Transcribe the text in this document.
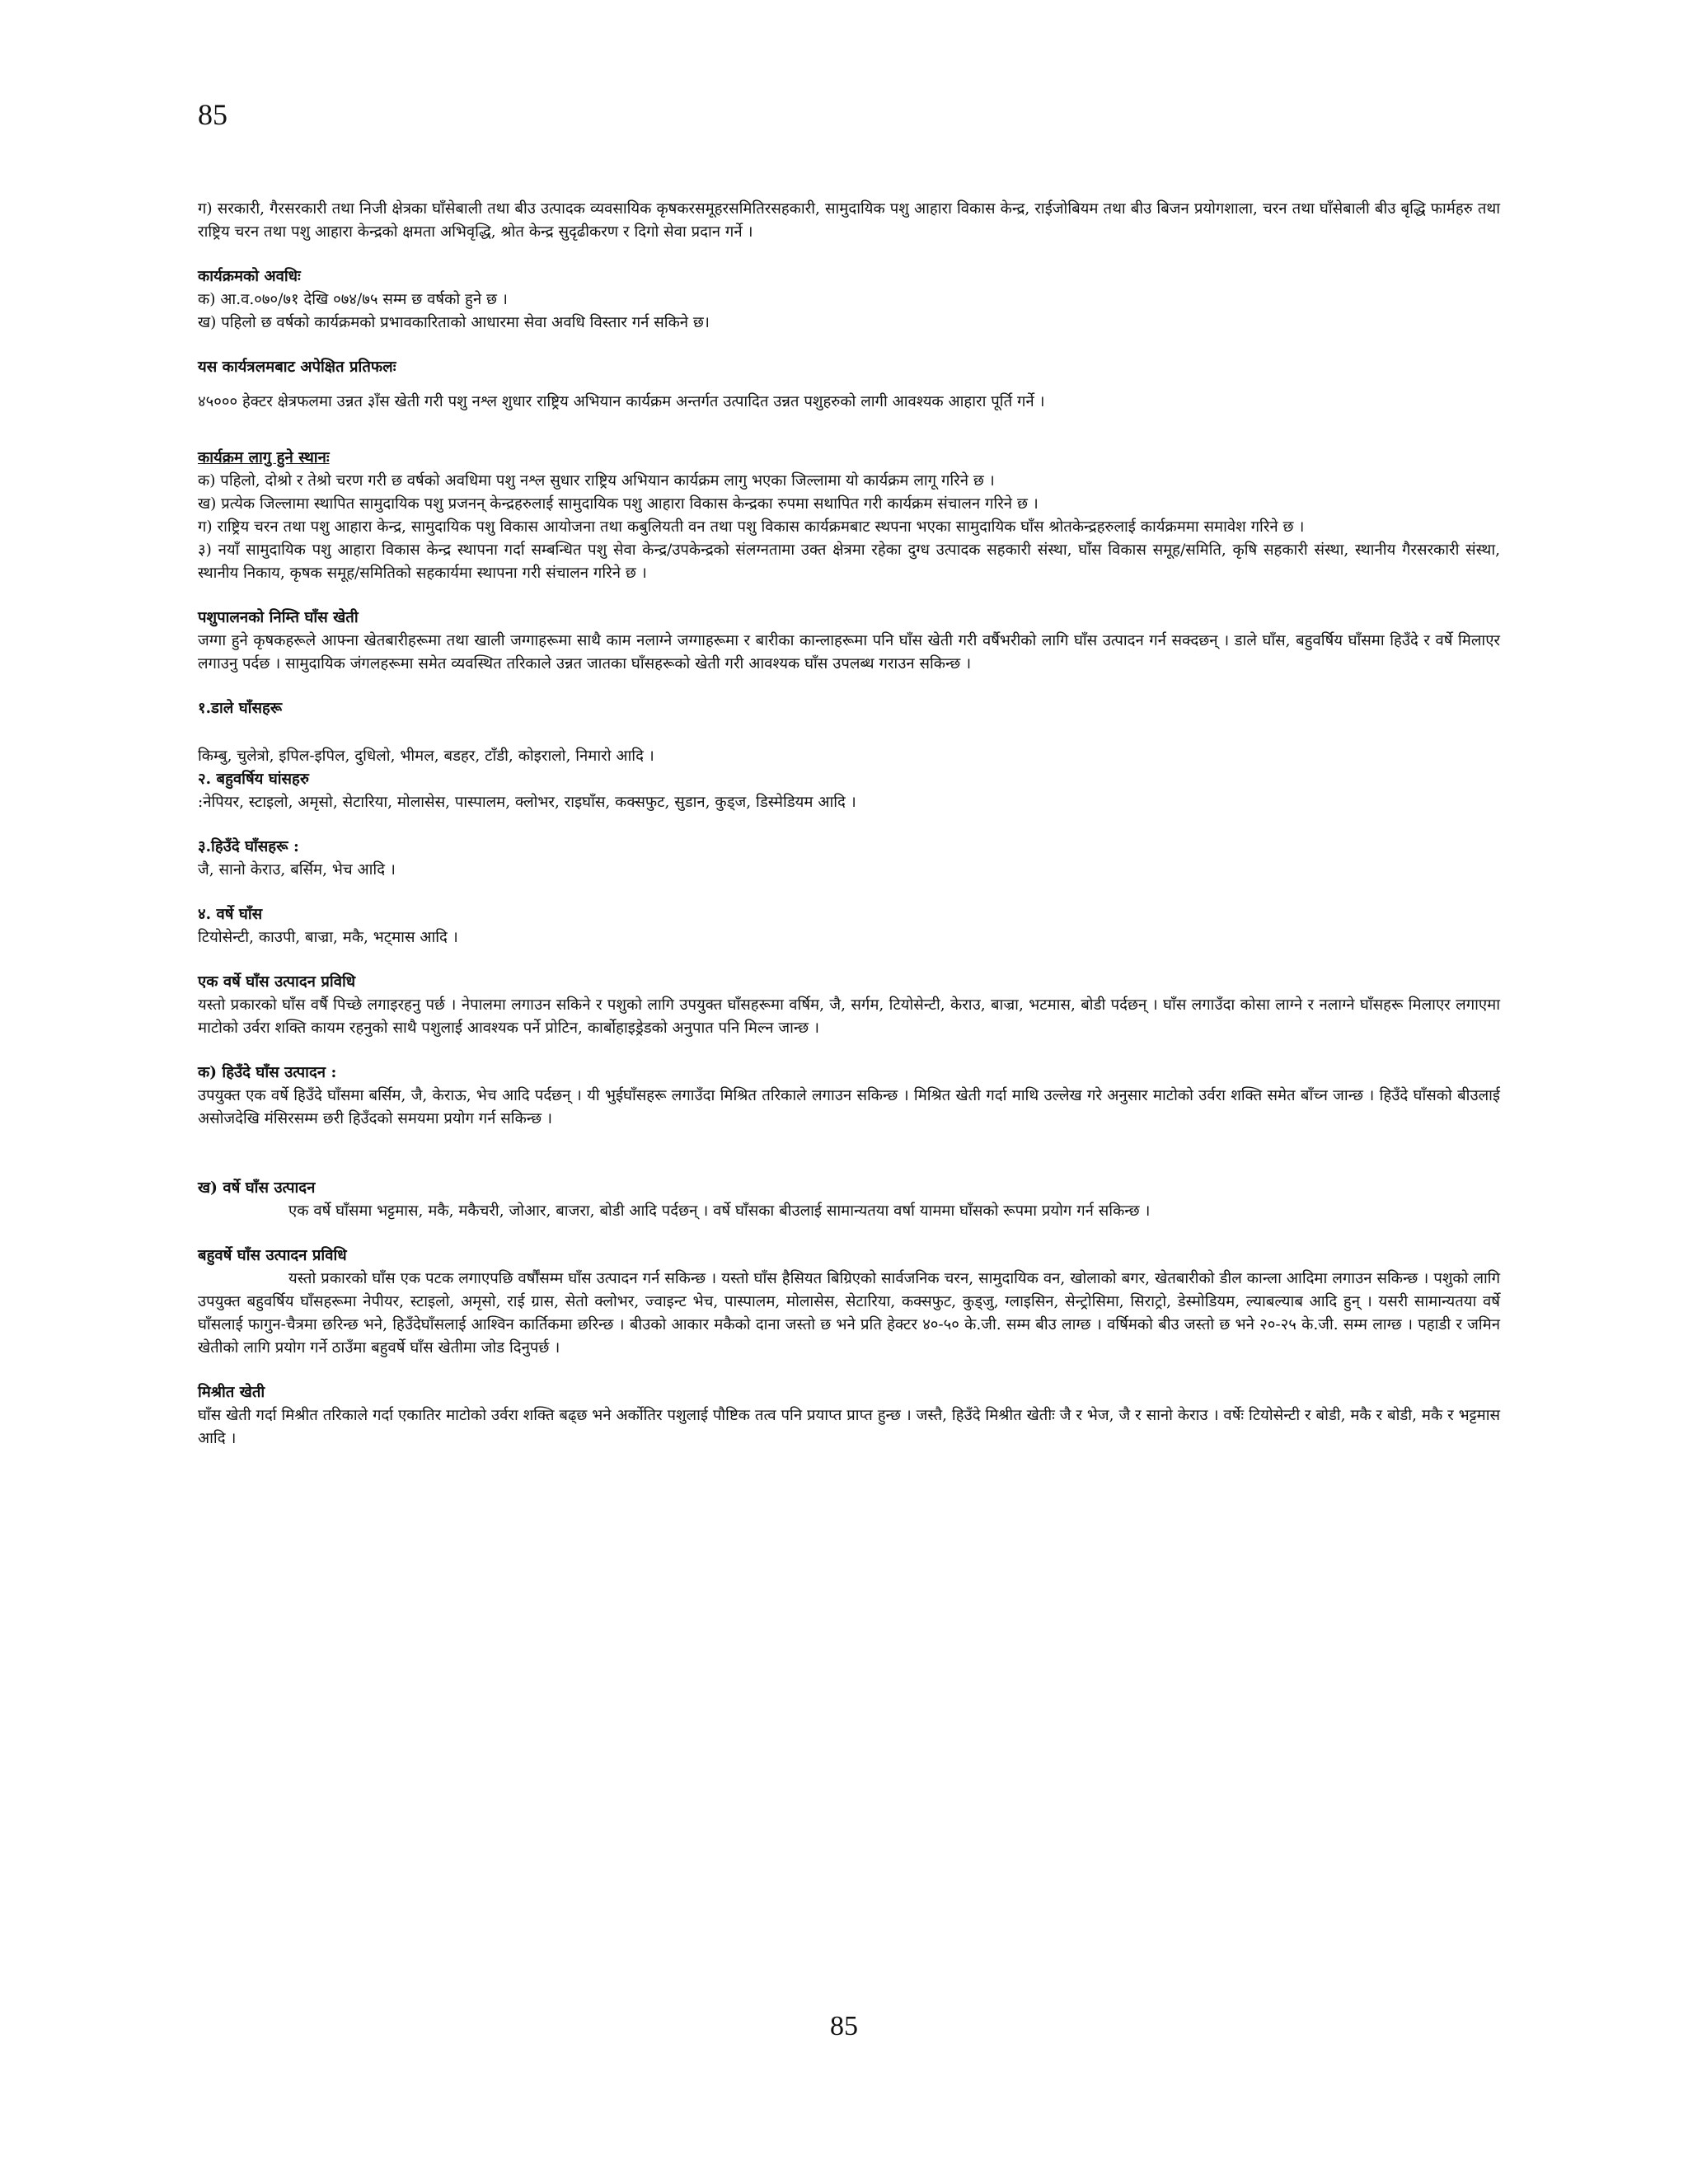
85

ग) सरकारी, गैरसरकारी तथा निजी क्षेत्रका घाँसेबाली तथा बीउ उत्पादक व्यवसायिक कृषकरसमूहरसमितिरसहकारी, सामुदायिक पशु आहारा विकास केन्द्र, राईजोबियम तथा बीउ बिजन प्रयोगशाला, चरन तथा घाँसेबाली बीउ बृद्धि फार्महरु तथा राष्ट्रिय चरन तथा पशु आहारा केन्द्रको क्षमता अभिवृद्धि, श्रोत केन्द्र सुदृढीकरण र दिगो सेवा प्रदान गर्ने ।

कार्यक्रमको अवधिः

क) आ.व.०७०/७१ देखि ०७४/७५ सम्म छ वर्षको हुने छ ।

ख) पहिलो छ वर्षको कार्यक्रमको प्रभावकारिताको आधारमा सेवा अवधि विस्तार गर्न सकिने छ।

यस कार्यत्रलमबाट अपेक्षित प्रतिफलः

४५००० हेक्टर क्षेत्रफलमा उन्नत ३ाँस खेती गरी पशु नश्ल शुधार राष्ट्रिय अभियान कार्यक्रम अन्तर्गत उत्पादित उन्नत पशुहरुको लागी आवश्यक आहारा पूर्ति गर्ने ।

कार्यक्रम लागु हुने स्थानः

क) पहिलो, दोश्रो र तेश्रो चरण गरी छ वर्षको अवधिमा पशु नश्ल सुधार राष्ट्रिय अभियान कार्यक्रम लागु भएका जिल्लामा यो कार्यक्रम लागू गरिने छ ।

ख) प्रत्येक जिल्लामा स्थापित सामुदायिक पशु प्रजनन् केन्द्रहरुलाई सामुदायिक पशु आहारा विकास केन्द्रका रुपमा सथापित गरी कार्यक्रम संचालन गरिने छ ।

ग) राष्ट्रिय चरन तथा पशु आहारा केन्द्र, सामुदायिक पशु विकास आयोजना तथा कबुलियती वन तथा पशु विकास कार्यक्रमबाट स्थपना भएका सामुदायिक घाँस श्रोतकेन्द्रहरुलाई कार्यक्रममा समावेश गरिने छ ।

३) नयाँ सामुदायिक पशु आहारा विकास केन्द्र स्थापना गर्दा सम्बन्धित पशु सेवा केन्द्र/उपकेन्द्रको संलग्नतामा उक्त क्षेत्रमा रहेका दुग्ध उत्पादक सहकारी संस्था, घाँस विकास समूह/समिति, कृषि सहकारी संस्था, स्थानीय गैरसरकारी संस्था, स्थानीय निकाय, कृषक समूह/समितिको सहकार्यमा स्थापना गरी संचालन गरिने छ ।

पशुपालनको निम्ति घाँस खेती

जग्गा हुने कृषकहरूले आफ्ना खेतबारीहरूमा तथा खाली जग्गाहरूमा साथै काम नलाग्ने जग्गाहरूमा र बारीका कान्लाहरूमा पनि घाँस खेती गरी वर्षैभरीको लागि घाँस उत्पादन गर्न सक्दछन् । डाले घाँस, बहुवर्षिय घाँसमा हिउँदे र वर्षे मिलाएर लगाउनु पर्दछ । सामुदायिक जंगलहरूमा समेत व्यवस्थित तरिकाले उन्नत जातका घाँसहरूको खेती गरी आवश्यक घाँस उपलब्ध गराउन सकिन्छ ।

१.डाले घाँसहरू

किम्बु, चुलेत्रो, इपिल-इपिल, दुधिलो, भीमल, बडहर, टाँडी, कोइरालो, निमारो आदि ।

२. बहुवर्षिय घांसहरु

:नेपियर, स्टाइलो, अमृसो, सेटारिया, मोलासेस, पास्पालम, क्लोभर, राइघाँस, कक्सफुट, सुडान, कुड्ज, डिस्मेडियम आदि ।

३.हिउँदे घाँसहरू :

जै, सानो केराउ, बर्सिम, भेच आदि ।

४. वर्षे घाँस

टियोसेन्टी, काउपी, बाज्रा, मकै, भट्मास आदि ।

एक वर्षे घाँस उत्पादन प्रविधि

यस्तो प्रकारको घाँस वर्षै पिच्छे लगाइरहनु पर्छ । नेपालमा लगाउन सकिने र पशुको लागि उपयुक्त घाँसहरूमा वर्षिम, जै, सर्गम, टियोसेन्टी, केराउ, बाज्रा, भटमास, बोडी पर्दछन् । घाँस लगाउँदा कोसा लाग्ने र नलाग्ने घाँसहरू मिलाएर लगाएमा माटोको उर्वरा शक्ति कायम रहनुको साथै पशुलाई आवश्यक पर्ने प्रोटिन, कार्बोहाइड्रेडको अनुपात पनि मिल्न जान्छ ।

क) हिउँदे घाँस उत्पादन :

उपयुक्त एक वर्षे हिउँदे घाँसमा बर्सिम, जै, केराऊ, भेच आदि पर्दछन् । यी भुईघाँसहरू लगाउँदा मिश्रित तरिकाले लगाउन सकिन्छ । मिश्रित खेती गर्दा माथि उल्लेख गरे अनुसार माटोको उर्वरा शक्ति समेत बाँच्न जान्छ । हिउँदे घाँसको बीउलाई असोजदेखि मंसिरसम्म छरी हिउँदको समयमा प्रयोग गर्न सकिन्छ ।

ख) वर्षे घाँस उत्पादन

एक वर्षे घाँसमा भट्टमास, मकै, मकैचरी, जोआर, बाजरा, बोडी आदि पर्दछन् । वर्षे घाँसका बीउलाई सामान्यतया वर्षा याममा घाँसको रूपमा प्रयोग गर्न सकिन्छ ।

बहुवर्षे घाँस उत्पादन प्रविधि

यस्तो प्रकारको घाँस एक पटक लगाएपछि वर्षौंसम्म घाँस उत्पादन गर्न सकिन्छ । यस्तो घाँस हैसियत बिग्रिएको सार्वजनिक चरन, सामुदायिक वन, खोलाको बगर, खेतबारीको डील कान्ला आदिमा लगाउन सकिन्छ । पशुको लागि उपयुक्त बहुवर्षिय घाँसहरूमा नेपीयर, स्टाइलो, अमृसो, राई ग्रास, सेतो क्लोभर, ज्वाइन्ट भेच, पास्पालम, मोलासेस, सेटारिया, कक्सफुट, कुड्जु, ग्लाइसिन, सेन्ट्रोसिमा, सिराट्रो, डेस्मोडियम, ल्याबल्याब आदि हुन् । यसरी सामान्यतया वर्षे घाँसलाई फागुन-चैत्रमा छरिन्छ भने, हिउँदेघाँसलाई आश्विन कार्तिकमा छरिन्छ । बीउको आकार मकैको दाना जस्तो छ भने प्रति हेक्टर ४०-५० के.जी. सम्म बीउ लाग्छ । वर्षिमको बीउ जस्तो छ भने २०-२५ के.जी. सम्म लाग्छ । पहाडी र जमिन खेतीको लागि प्रयोग गर्ने ठाउँमा बहुवर्षे घाँस खेतीमा जोड दिनुपर्छ ।

मिश्रीत खेती

घाँस खेती गर्दा मिश्रीत तरिकाले गर्दा एकातिर माटोको उर्वरा शक्ति बढ्छ भने अर्कोतिर पशुलाई पौष्टिक तत्व पनि प्रयाप्त प्राप्त हुन्छ । जस्तै, हिउँदे मिश्रीत खेतीः जै र भेज, जै र सानो केराउ । वर्षेः टियोसेन्टी र बोडी, मकै र बोडी, मकै र भट्टमास आदि ।

85
